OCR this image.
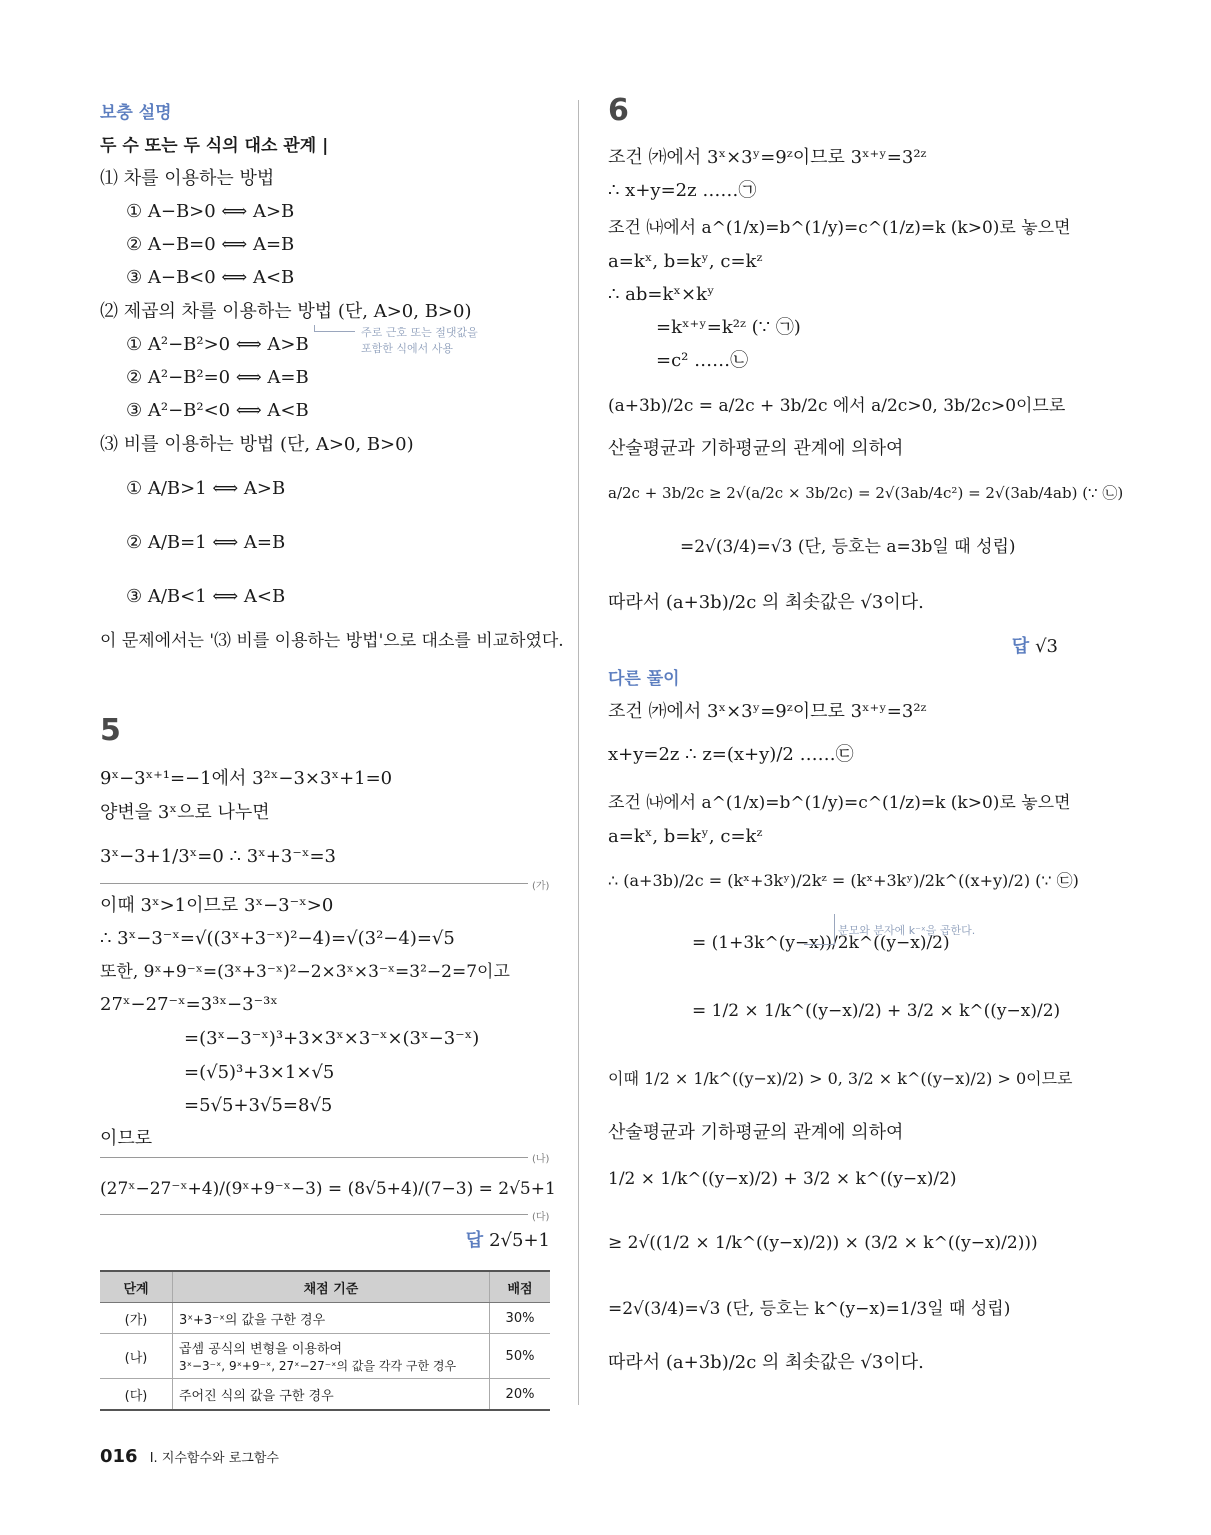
보충 설명
두 수 또는 두 식의 대소 관계 |
⑴ 차를 이용하는 방법
① A−B>0 ⟺ A>B
② A−B=0 ⟺ A=B
③ A−B<0 ⟺ A<B
⑵ 제곱의 차를 이용하는 방법 (단, A>0, B>0)
주로 근호 또는 절댓값을
포함한 식에서 사용
① A²−B²>0 ⟺ A>B
② A²−B²=0 ⟺ A=B
③ A²−B²<0 ⟺ A<B
⑶ 비를 이용하는 방법 (단, A>0, B>0)
① A/B>1 ⟺ A>B
② A/B=1 ⟺ A=B
③ A/B<1 ⟺ A<B
이 문제에서는 '⑶ 비를 이용하는 방법'으로 대소를 비교하였다.
5
9ˣ−3ˣ⁺¹=−1에서 3²ˣ−3×3ˣ+1=0
양변을 3ˣ으로 나누면
3ˣ−3+1/3ˣ=0 ∴ 3ˣ+3⁻ˣ=3
(가)
이때 3ˣ>1이므로 3ˣ−3⁻ˣ>0
∴ 3ˣ−3⁻ˣ=√((3ˣ+3⁻ˣ)²−4)=√(3²−4)=√5
또한, 9ˣ+9⁻ˣ=(3ˣ+3⁻ˣ)²−2×3ˣ×3⁻ˣ=3²−2=7이고
27ˣ−27⁻ˣ=3³ˣ−3⁻³ˣ
=(3ˣ−3⁻ˣ)³+3×3ˣ×3⁻ˣ×(3ˣ−3⁻ˣ)
=(√5)³+3×1×√5
=5√5+3√5=8√5
이므로
(나)
(27ˣ−27⁻ˣ+4)/(9ˣ+9⁻ˣ−3) = (8√5+4)/(7−3) = 2√5+1
(다)
답 2√5+1
단계	채점 기준	배점
(가)	3ˣ+3⁻ˣ의 값을 구한 경우	30%
(나)	곱셈 공식의 변형을 이용하여
3ˣ−3⁻ˣ, 9ˣ+9⁻ˣ, 27ˣ−27⁻ˣ의 값을 각각 구한 경우	50%
(다)	주어진 식의 값을 구한 경우	20%
6
조건 ㈎에서 3ˣ×3ʸ=9ᶻ이므로 3ˣ⁺ʸ=3²ᶻ
∴ x+y=2z ……㉠
조건 ㈏에서 a^(1/x)=b^(1/y)=c^(1/z)=k (k>0)로 놓으면
a=kˣ, b=kʸ, c=kᶻ
∴ ab=kˣ×kʸ
=kˣ⁺ʸ=k²ᶻ (∵ ㉠)
=c² ……㉡
(a+3b)/2c = a/2c + 3b/2c 에서 a/2c>0, 3b/2c>0이므로
산술평균과 기하평균의 관계에 의하여
a/2c + 3b/2c ≥ 2√(a/2c × 3b/2c) = 2√(3ab/4c²) = 2√(3ab/4ab) (∵ ㉡)
=2√(3/4)=√3 (단, 등호는 a=3b일 때 성립)
따라서 (a+3b)/2c 의 최솟값은 √3이다.
답 √3
다른 풀이
조건 ㈎에서 3ˣ×3ʸ=9ᶻ이므로 3ˣ⁺ʸ=3²ᶻ
x+y=2z ∴ z=(x+y)/2 ……㉢
조건 ㈏에서 a^(1/x)=b^(1/y)=c^(1/z)=k (k>0)로 놓으면
a=kˣ, b=kʸ, c=kᶻ
∴ (a+3b)/2c = (kˣ+3kʸ)/2kᶻ = (kˣ+3kʸ)/2k^((x+y)/2) (∵ ㉢)
= (1+3k^(y−x))/2k^((y−x)/2)
분모와 분자에 k⁻ˣ을 곱한다.
= 1/2 × 1/k^((y−x)/2) + 3/2 × k^((y−x)/2)
이때 1/2 × 1/k^((y−x)/2) > 0, 3/2 × k^((y−x)/2) > 0이므로
산술평균과 기하평균의 관계에 의하여
1/2 × 1/k^((y−x)/2) + 3/2 × k^((y−x)/2)
≥ 2√((1/2 × 1/k^((y−x)/2)) × (3/2 × k^((y−x)/2)))
=2√(3/4)=√3 (단, 등호는 k^(y−x)=1/3일 때 성립)
따라서 (a+3b)/2c 의 최솟값은 √3이다.
016 I. 지수함수와 로그함수
